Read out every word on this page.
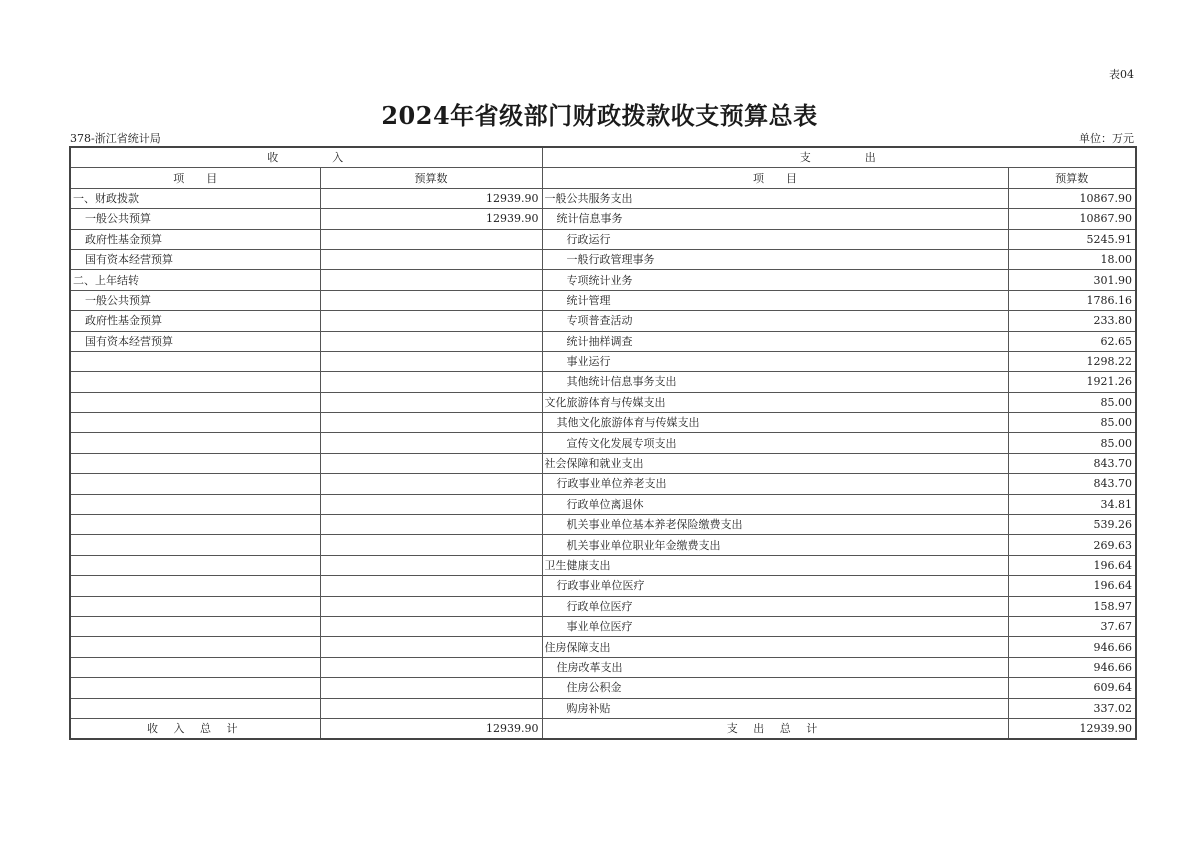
表04
2024年省级部门财政拨款收支预算总表
378-浙江省统计局	单位：万元
收　　　　入		支　　　　出	
项　　目	预算数	项　　目	预算数
一、财政拨款	12939.90	一般公共服务支出	10867.90
一般公共预算	12939.90	统计信息事务	10867.90
政府性基金预算		行政运行	5245.91
国有资本经营预算		一般行政管理事务	18.00
二、上年结转		专项统计业务	301.90
一般公共预算		统计管理	1786.16
政府性基金预算		专项普查活动	233.80
国有资本经营预算		统计抽样调查	62.65
		事业运行	1298.22
		其他统计信息事务支出	1921.26
		文化旅游体育与传媒支出	85.00
		其他文化旅游体育与传媒支出	85.00
		宣传文化发展专项支出	85.00
		社会保障和就业支出	843.70
		行政事业单位养老支出	843.70
		行政单位离退休	34.81
		机关事业单位基本养老保险缴费支出	539.26
		机关事业单位职业年金缴费支出	269.63
		卫生健康支出	196.64
		行政事业单位医疗	196.64
		行政单位医疗	158.97
		事业单位医疗	37.67
		住房保障支出	946.66
		住房改革支出	946.66
		住房公积金	609.64
		购房补贴	337.02
收 入 总 计	12939.90	支 出 总 计	12939.90
